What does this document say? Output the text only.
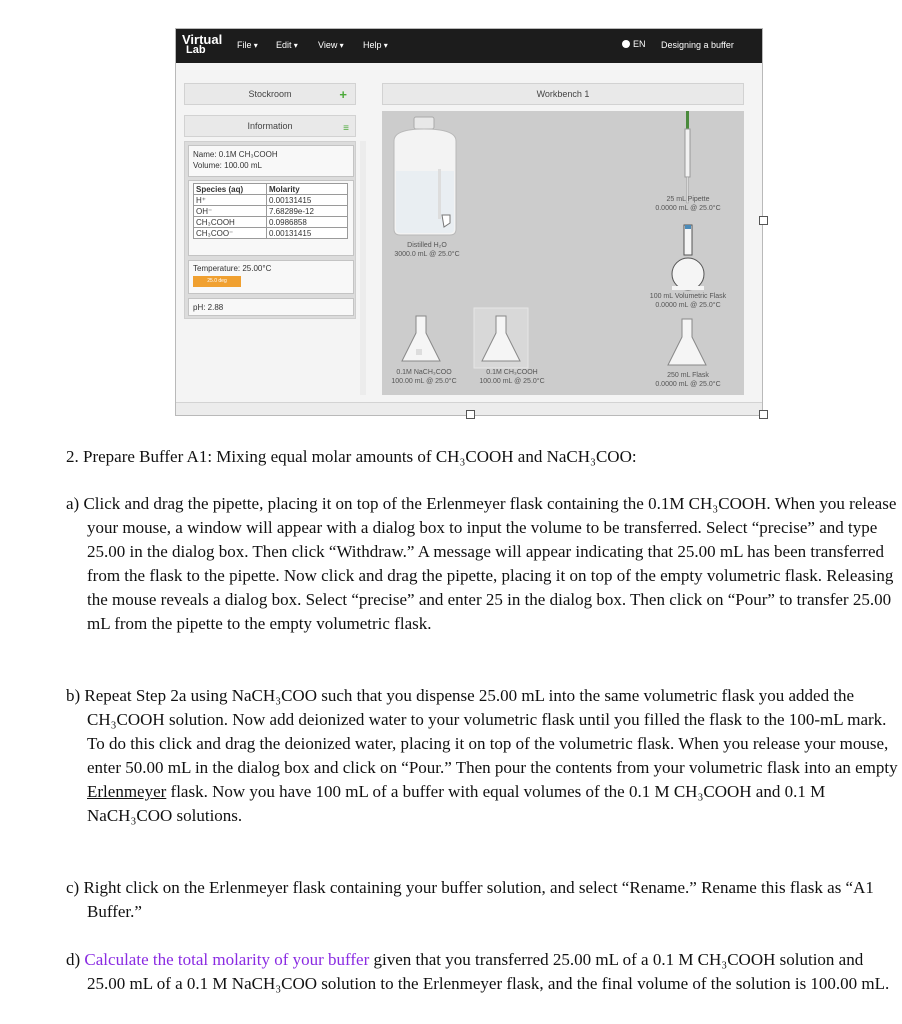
Virtual
Lab	File ▾	Edit ▾	View ▾	Help ▾	EN Designing a buffer
Stockroom	+
Information	≡
Name: 0.1M CH₃COOH
Volume: 100.00 mL
Species (aq)	Molarity
H⁺	0.00131415
OH⁻	7.68289e-12
CH₃COOH	0.0986858
CH₃COO⁻	0.00131415
Temperature: 25.00°C
25.0 deg
pH: 2.88
Workbench 1
Distilled H₂O
3000.0 mL @ 25.0°C
25 mL Pipette
0.0000 mL @ 25.0°C
100 mL Volumetric Flask
0.0000 mL @ 25.0°C
0.1M NaCH₃COO
100.00 mL @ 25.0°C
0.1M CH₃COOH
100.00 mL @ 25.0°C
250 mL Flask
0.0000 mL @ 25.0°C
2. Prepare Buffer A1: Mixing equal molar amounts of CH₃COOH and NaCH₃COO:
a) Click and drag the pipette, placing it on top of the Erlenmeyer flask containing the 0.1M CH₃COOH. When you release your mouse, a window will appear with a dialog box to input the volume to be transferred. Select “precise” and type 25.00 in the dialog box. Then click “Withdraw.” A message will appear indicating that 25.00 mL has been transferred from the flask to the pipette. Now click and drag the pipette, placing it on top of the empty volumetric flask. Releasing the mouse reveals a dialog box. Select “precise” and enter 25 in the dialog box. Then click on “Pour” to transfer 25.00 mL from the pipette to the empty volumetric flask.
b) Repeat Step 2a using NaCH₃COO such that you dispense 25.00 mL into the same volumetric flask you added the CH₃COOH solution. Now add deionized water to your volumetric flask until you filled the flask to the 100-mL mark. To do this click and drag the deionized water, placing it on top of the volumetric flask. When you release your mouse, enter 50.00 mL in the dialog box and click on “Pour.” Then pour the contents from your volumetric flask into an empty Erlenmeyer flask. Now you have 100 mL of a buffer with equal volumes of the 0.1 M CH₃COOH and 0.1 M NaCH₃COO solutions.
c) Right click on the Erlenmeyer flask containing your buffer solution, and select “Rename.” Rename this flask as “A1 Buffer.”
d) Calculate the total molarity of your buffer given that you transferred 25.00 mL of a 0.1 M CH₃COOH solution and 25.00 mL of a 0.1 M NaCH₃COO solution to the Erlenmeyer flask, and the final volume of the solution is 100.00 mL.
